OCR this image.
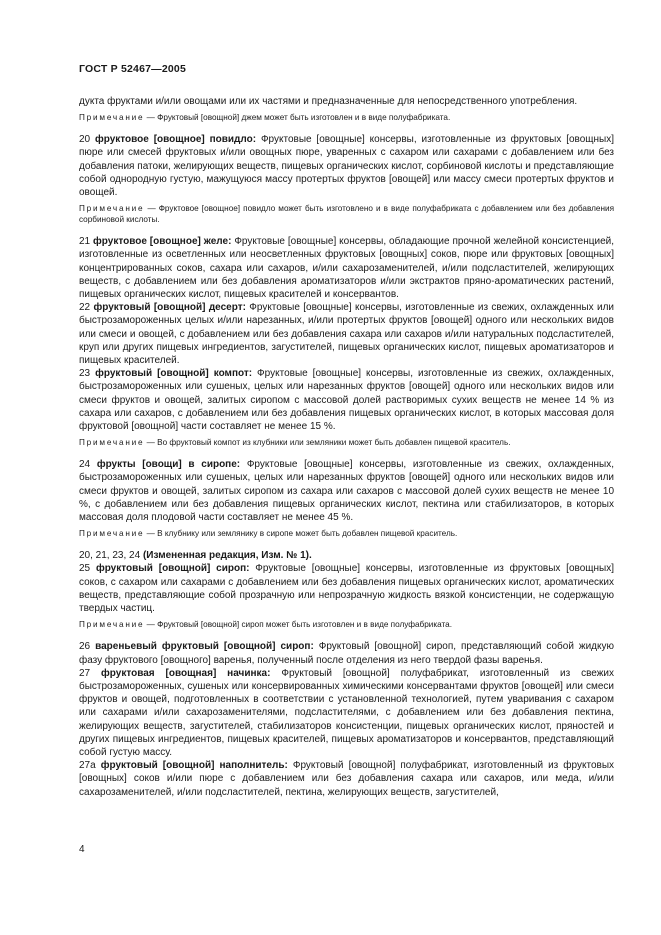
ГОСТ Р 52467—2005

дукта фруктами и/или овощами или их частями и предназначенные для непосредственного употребления.

Примечание — Фруктовый [овощной] джем может быть изготовлен и в виде полуфабриката.

20 фруктовое [овощное] повидло: Фруктовые [овощные] консервы, изготовленные из фруктовых [овощных] пюре или смесей фруктовых и/или овощных пюре, уваренных с сахаром или сахарами с добавлением или без добавления патоки, желирующих веществ, пищевых органических кислот, сорбиновой кислоты и представляющие собой однородную густую, мажущуюся массу протертых фруктов [овощей] или массу смеси протертых фруктов и овощей.

Примечание — Фруктовое [овощное] повидло может быть изготовлено и в виде полуфабриката с добавлением или без добавления сорбиновой кислоты.

21 фруктовое [овощное] желе: Фруктовые [овощные] консервы, обладающие прочной желейной консистенцией, изготовленные из осветленных или неосветленных фруктовых [овощных] соков, пюре или фруктовых [овощных] концентрированных соков, сахара или сахаров, и/или сахарозаменителей, и/или подсластителей, желирующих веществ, с добавлением или без добавления ароматизаторов и/или экстрактов пряно-ароматических растений, пищевых органических кислот, пищевых красителей и консервантов.

22 фруктовый [овощной] десерт: Фруктовые [овощные] консервы, изготовленные из свежих, охлажденных или быстрозамороженных целых и/или нарезанных, и/или протертых фруктов [овощей] одного или нескольких видов или смеси и овощей, с добавлением или без добавления сахара или сахаров и/или натуральных подсластителей, круп или других пищевых ингредиентов, загустителей, пищевых органических кислот, пищевых ароматизаторов и пищевых красителей.

23 фруктовый [овощной] компот: Фруктовые [овощные] консервы, изготовленные из свежих, охлажденных, быстрозамороженных или сушеных, целых или нарезанных фруктов [овощей] одного или нескольких видов или смеси фруктов и овощей, залитых сиропом с массовой долей растворимых сухих веществ не менее 14 % из сахара или сахаров, с добавлением или без добавления пищевых органических кислот, в которых массовая доля фруктовой [овощной] части составляет не менее 15 %.

Примечание — Во фруктовый компот из клубники или земляники может быть добавлен пищевой краситель.

24 фрукты [овощи] в сиропе: Фруктовые [овощные] консервы, изготовленные из свежих, охлажденных, быстрозамороженных или сушеных, целых или нарезанных фруктов [овощей] одного или нескольких видов или смеси фруктов и овощей, залитых сиропом из сахара или сахаров с массовой долей сухих веществ не менее 10 %, с добавлением или без добавления пищевых органических кислот, пектина или стабилизаторов, в которых массовая доля плодовой части составляет не менее 45 %.

Примечание — В клубнику или землянику в сиропе может быть добавлен пищевой краситель.

20, 21, 23, 24 (Измененная редакция, Изм. № 1).

25 фруктовый [овощной] сироп: Фруктовые [овощные] консервы, изготовленные из фруктовых [овощных] соков, с сахаром или сахарами с добавлением или без добавления пищевых органических кислот, ароматических веществ, представляющие собой прозрачную или непрозрачную жидкость вязкой консистенции, не содержащую твердых частиц.

Примечание — Фруктовый [овощной] сироп может быть изготовлен и в виде полуфабриката.

26 вареньевый фруктовый [овощной] сироп: Фруктовый [овощной] сироп, представляющий собой жидкую фазу фруктового [овощного] варенья, полученный после отделения из него твердой фазы варенья.

27 фруктовая [овощная] начинка: Фруктовый [овощной] полуфабрикат, изготовленный из свежих быстрозамороженных, сушеных или консервированных химическими консервантами фруктов [овощей] или смеси фруктов и овощей, подготовленных в соответствии с установленной технологией, путем уваривания с сахаром или сахарами и/или сахарозаменителями, подсластителями, с добавлением или без добавления пектина, желирующих веществ, загустителей, стабилизаторов консистенции, пищевых органических кислот, пряностей и других пищевых ингредиентов, пищевых красителей, пищевых ароматизаторов и консервантов, представляющий собой густую массу.

27а фруктовый [овощной] наполнитель: Фруктовый [овощной] полуфабрикат, изготовленный из фруктовых [овощных] соков и/или пюре с добавлением или без добавления сахара или сахаров, или меда, и/или сахарозаменителей, и/или подсластителей, пектина, желирующих веществ, загустителей,

4
